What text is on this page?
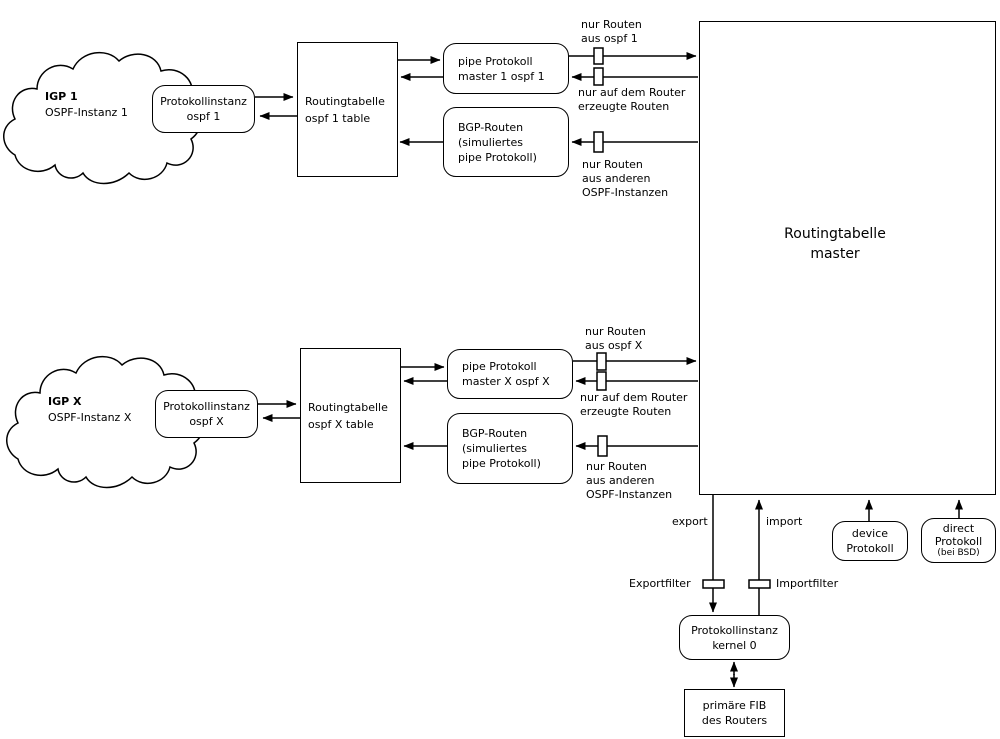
IGP 1
OSPF-Instanz 1
Protokollinstanz
ospf 1
Routingtabelle
ospf 1 table
pipe Protokoll
master 1 ospf 1
BGP-Routen
(simuliertes
pipe Protokoll)
nur Routen
aus ospf 1
nur auf dem Router
erzeugte Routen
nur Routen
aus anderen
OSPF-Instanzen
IGP X
OSPF-Instanz X
Protokollinstanz
ospf X
Routingtabelle
ospf X table
pipe Protokoll
master X ospf X
BGP-Routen
(simuliertes
pipe Protokoll)
nur Routen
aus ospf X
nur auf dem Router
erzeugte Routen
nur Routen
aus anderen
OSPF-Instanzen
Routingtabelle
master
export	import
Exportfilter	Importfilter
Protokollinstanz
kernel 0
primäre FIB
des Routers
device
Protokoll
direct
Protokoll
(bei BSD)
